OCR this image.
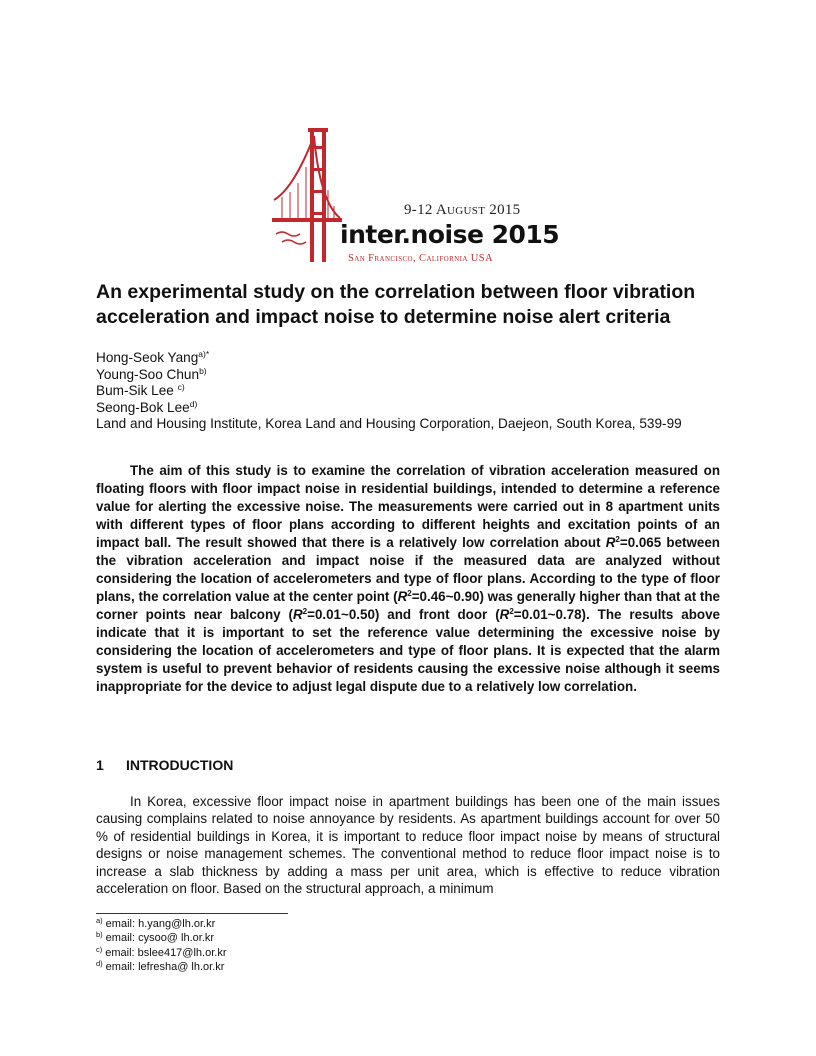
9-12 August 2015
inter.noise 2015
San Francisco, California USA
An experimental study on the correlation between floor vibration acceleration and impact noise to determine noise alert criteria
Hong-Seok Yang$^{a)*}$
Young-Soo Chun$^{b)}$
Bum-Sik Lee $^{c)}$
Seong-Bok Lee$^{d)}$
Land and Housing Institute, Korea Land and Housing Corporation, Daejeon, South Korea, 539-99

The aim of this study is to examine the correlation of vibration acceleration measured on floating floors with floor impact noise in residential buildings, intended to determine a reference value for alerting the excessive noise. The measurements were carried out in 8 apartment units with different types of floor plans according to different heights and excitation points of an impact ball. The result showed that there is a relatively low correlation about $R^2=0.065$ between the vibration acceleration and impact noise if the measured data are analyzed without considering the location of accelerometers and type of floor plans. According to the type of floor plans, the correlation value at the center point $(R^2=0.46\sim 0.90)$ was generally higher than that at the corner points near balcony $(R^2=0.01\sim 0.50)$ and front door $(R^2=0.01\sim 0.78)$. The results above indicate that it is important to set the reference value determining the excessive noise by considering the location of accelerometers and type of floor plans. It is expected that the alarm system is useful to prevent behavior of residents causing the excessive noise although it seems inappropriate for the device to adjust legal dispute due to a relatively low correlation.

1 INTRODUCTION

In Korea, excessive floor impact noise in apartment buildings has been one of the main issues causing complains related to noise annoyance by residents. As apartment buildings account for over 50 % of residential buildings in Korea, it is important to reduce floor impact noise by means of structural designs or noise management schemes. The conventional method to reduce floor impact noise is to increase a slab thickness by adding a mass per unit area, which is effective to reduce vibration acceleration on floor. Based on the structural approach, a minimum

$^{a)}$ email: h.yang@lh.or.kr
$^{b)}$ email: cysoo@ lh.or.kr
$^{c)}$ email: bslee417@lh.or.kr
$^{d)}$ email: lefresha@ lh.or.kr
